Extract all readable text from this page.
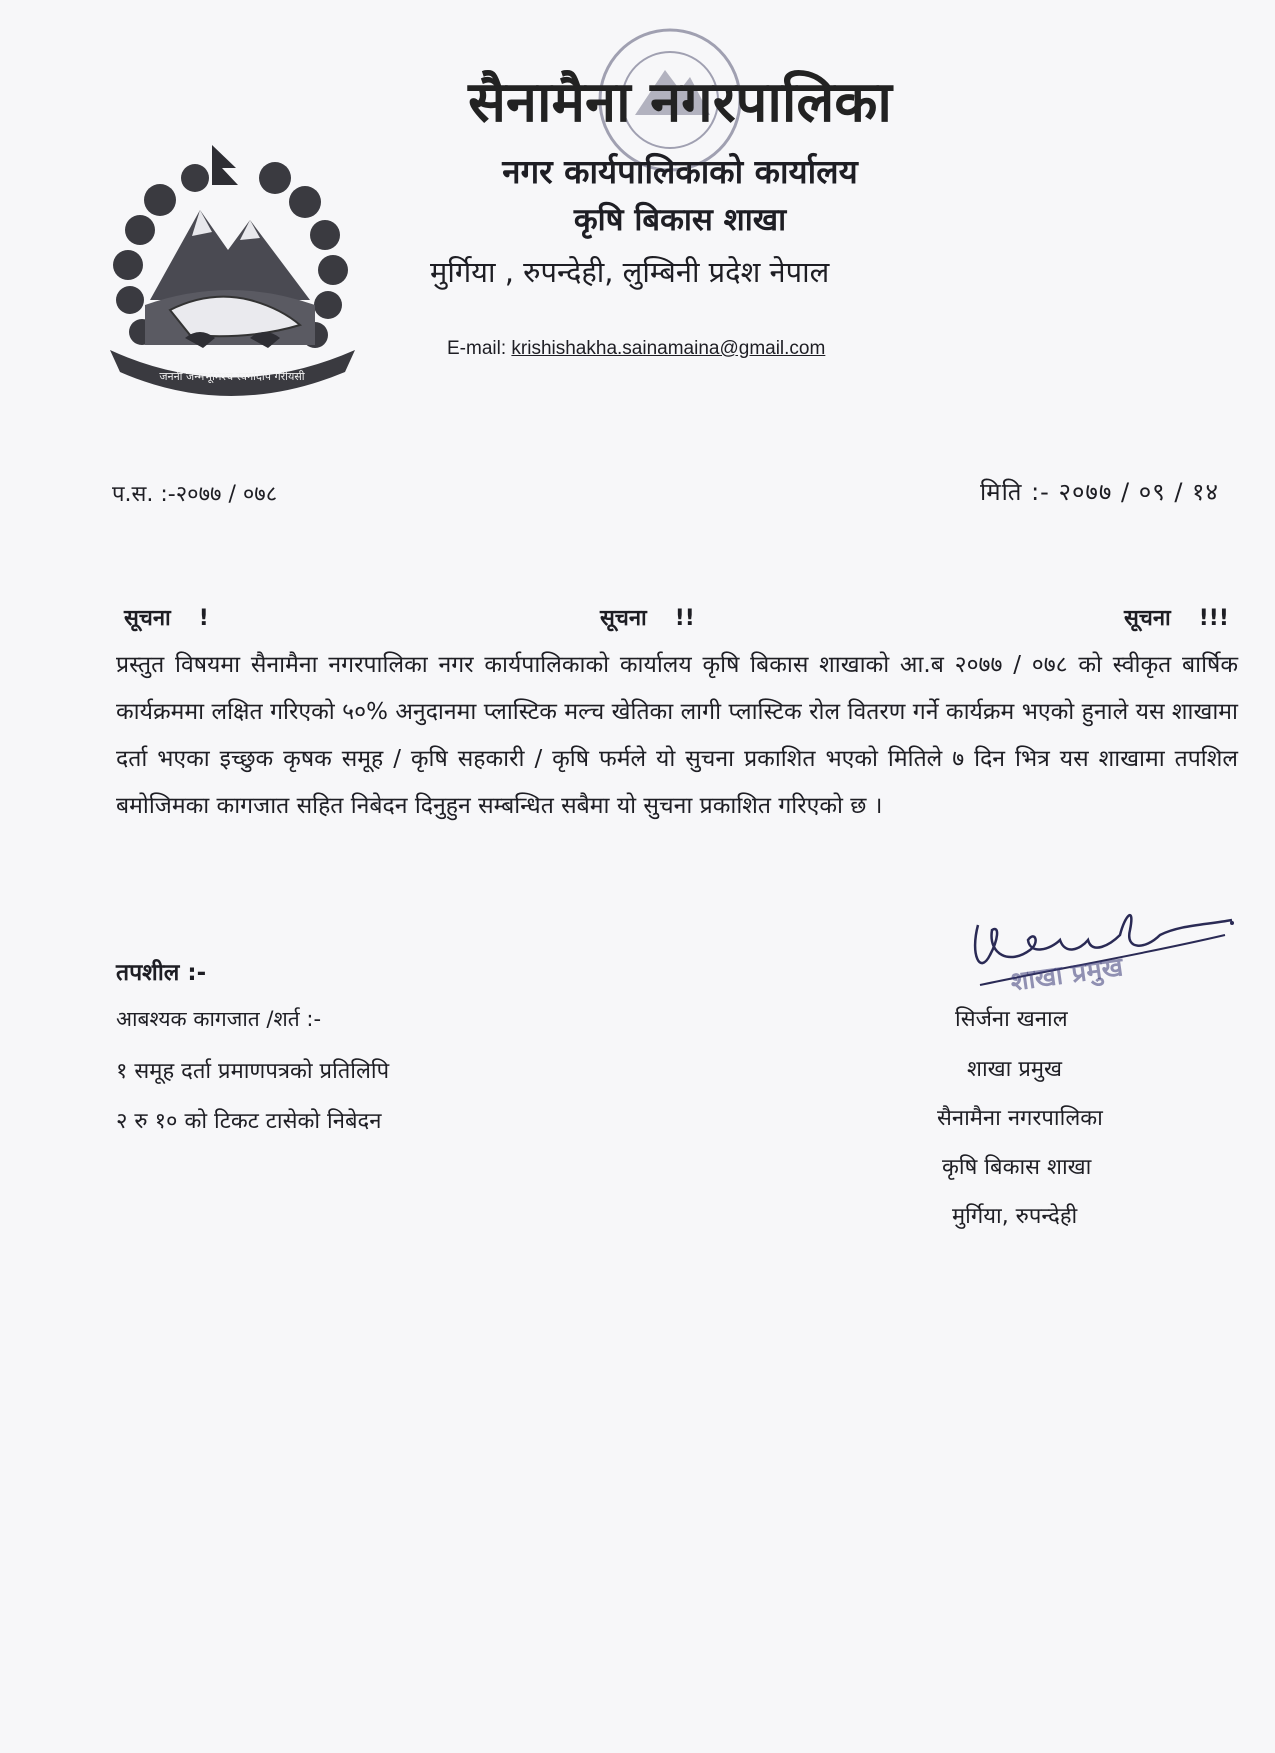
जननी जन्मभूमिश्च स्वर्गादपि गरीयसी
सैनामैना नगरपालिका
नगर कार्यपालिकाको कार्यालय
कृषि बिकास शाखा
मुर्गिया , रुपन्देही, लुम्बिनी प्रदेश नेपाल
E-mail: krishishakha.sainamaina@gmail.com
प.स. :-२०७७ / ०७८	मिति :- २०७७ / ०९ / १४
सूचना !	सूचना !!	सूचना !!!
प्रस्तुत विषयमा सैनामैना नगरपालिका नगर कार्यपालिकाको कार्यालय कृषि बिकास शाखाको आ.ब २०७७ / ०७८ को स्वीकृत बार्षिक कार्यक्रममा लक्षित गरिएको ५०% अनुदानमा प्लास्टिक मल्च खेतिका लागी प्लास्टिक रोल वितरण गर्ने कार्यक्रम भएको हुनाले यस शाखामा दर्ता भएका इच्छुक कृषक समूह / कृषि सहकारी / कृषि फर्मले यो सुचना प्रकाशित भएको मितिले ७ दिन भित्र यस शाखामा तपशिल बमोजिमका कागजात सहित निबेदन दिनुहुन सम्बन्धित सबैमा यो सुचना प्रकाशित गरिएको छ ।
तपशील :-
आबश्यक कागजात /शर्त :-
१ समूह दर्ता प्रमाणपत्रको प्रतिलिपि
२ रु १० को टिकट टासेको निबेदन
शाखा प्रमुख
सिर्जना खनाल
शाखा प्रमुख
सैनामैना नगरपालिका
कृषि बिकास शाखा
मुर्गिया, रुपन्देही
